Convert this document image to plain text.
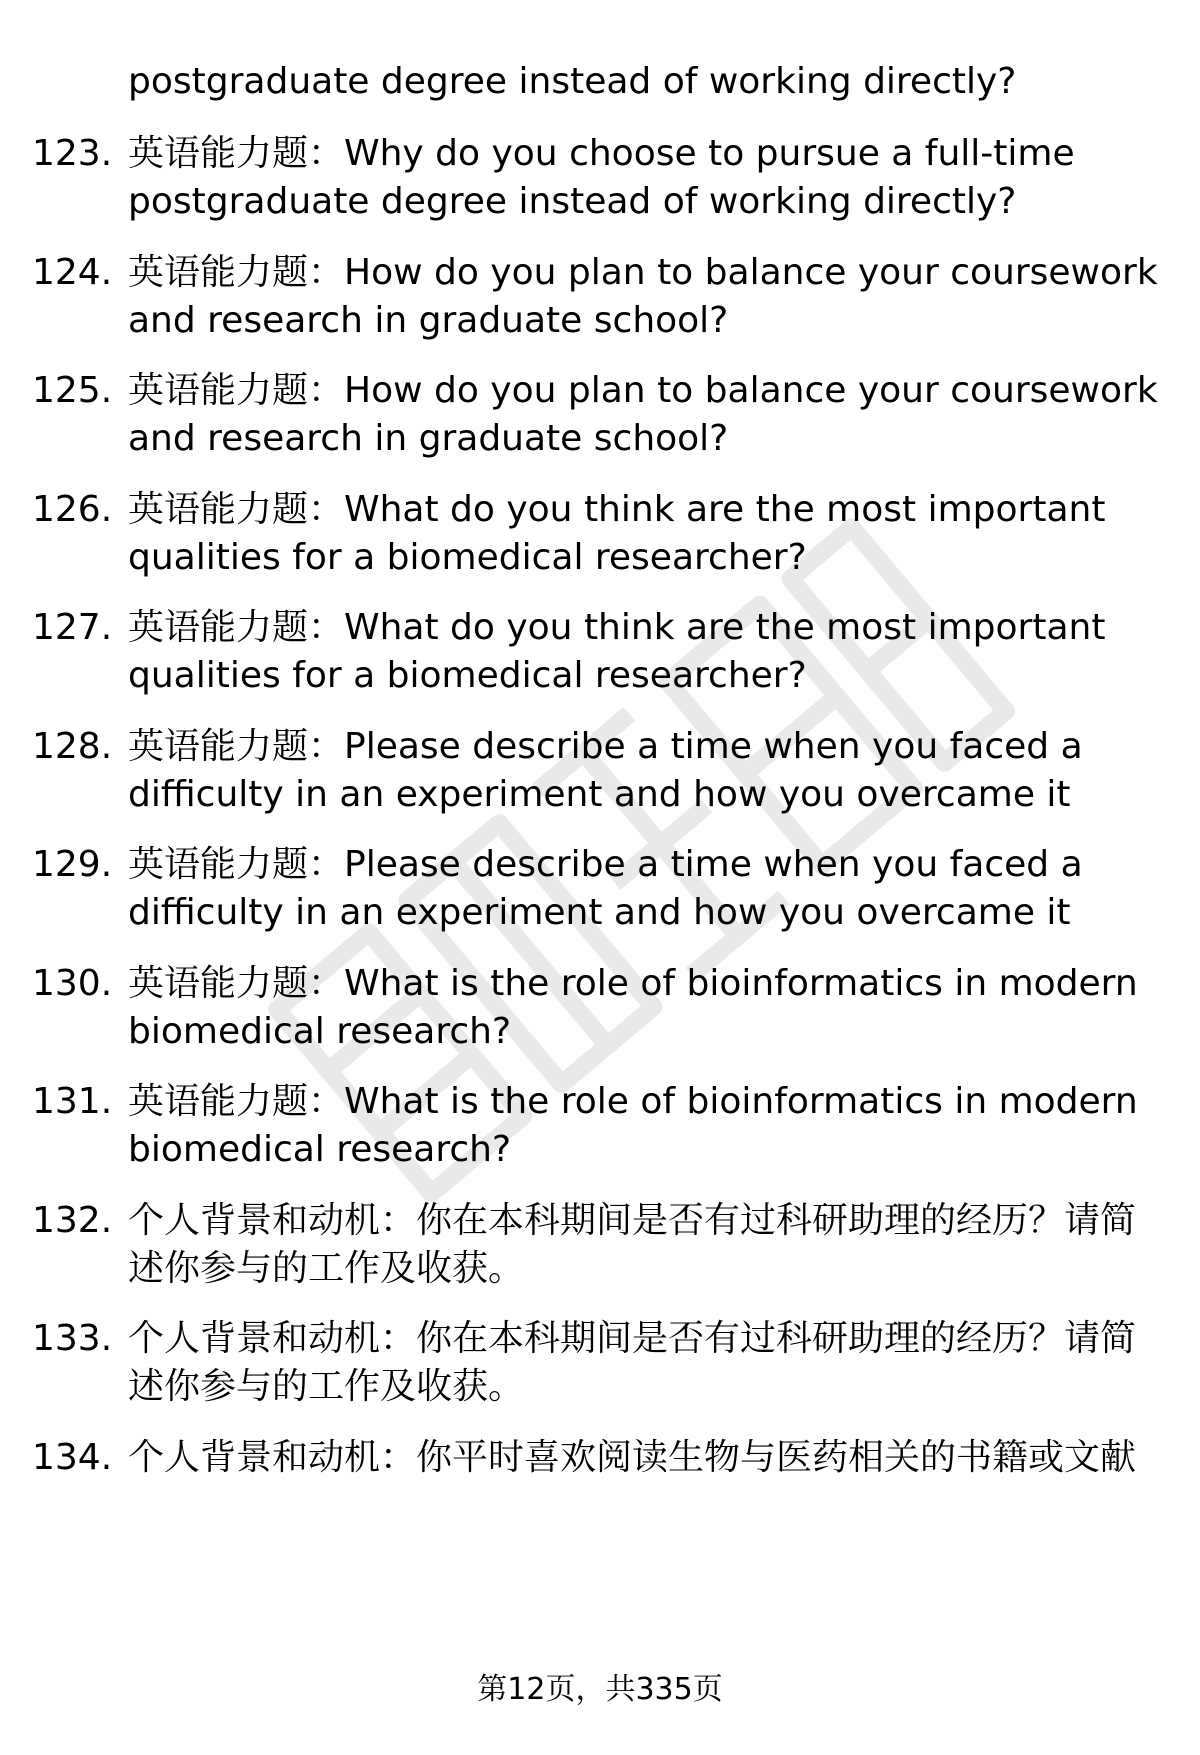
postgraduate degree instead of working directly?
123. 英语能力题：Why do you choose to pursue a full-time
postgraduate degree instead of working directly?
124. 英语能力题：How do you plan to balance your coursework
and research in graduate school?
125. 英语能力题：How do you plan to balance your coursework
and research in graduate school?
126. 英语能力题：What do you think are the most important
qualities for a biomedical researcher?
127. 英语能力题：What do you think are the most important
qualities for a biomedical researcher?
128. 英语能力题：Please describe a time when you faced a
difficulty in an experiment and how you overcame it
129. 英语能力题：Please describe a time when you faced a
difficulty in an experiment and how you overcame it
130. 英语能力题：What is the role of bioinformatics in modern
biomedical research?
131. 英语能力题：What is the role of bioinformatics in modern
biomedical research?
132. 个人背景和动机：你在本科期间是否有过科研助理的经历？请简
述你参与的工作及收获。
133. 个人背景和动机：你在本科期间是否有过科研助理的经历？请简
述你参与的工作及收获。
134. 个人背景和动机：你平时喜欢阅读生物与医药相关的书籍或文献
第12页，共335页
